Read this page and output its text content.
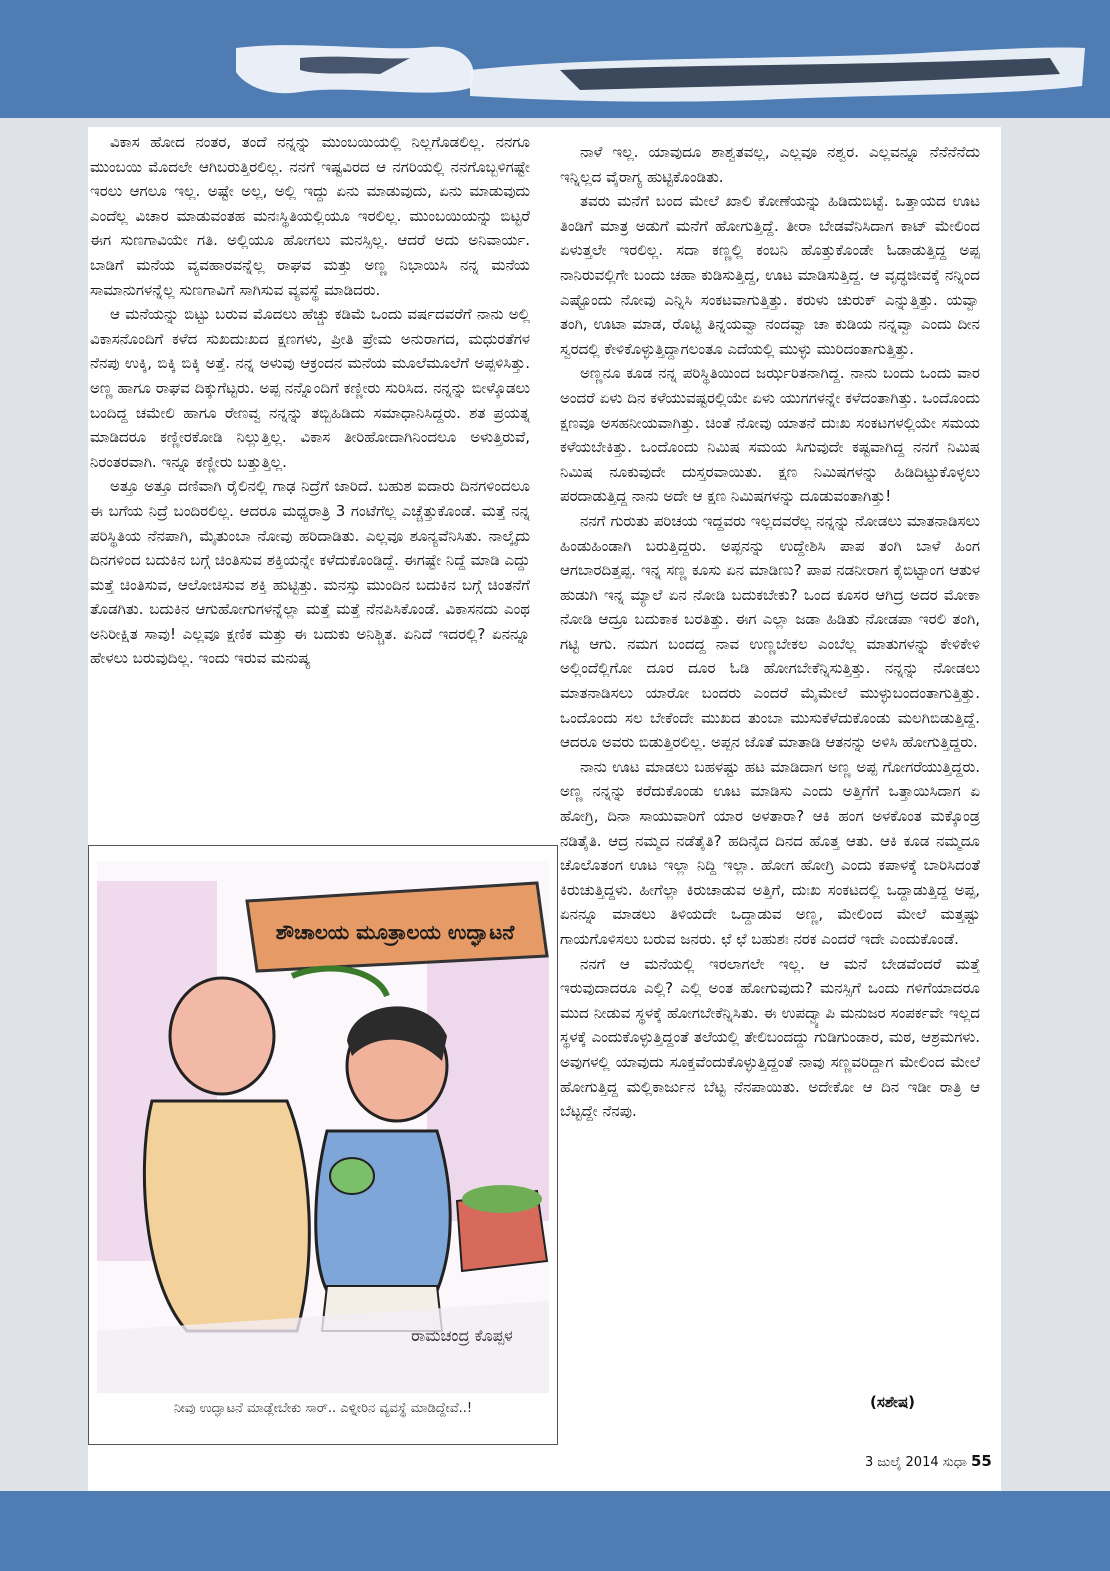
ವಿಕಾಸ ಹೋದ ನಂತರ, ತಂದೆ ನನ್ನನ್ನು ಮುಂಬಯಿಯಲ್ಲಿ ನಿಲ್ಲಗೊಡಲಿಲ್ಲ. ನನಗೂ ಮುಂಬಯಿ ಮೊದಲೇ ಆಗಿಬರುತ್ತಿರಲಿಲ್ಲ. ನನಗೆ ಇಷ್ಟವಿರದ ಆ ನಗರಿಯಲ್ಲಿ ನನಗೊಬ್ಬಳಿಗಷ್ಟೇ ಇರಲು ಆಗಲೂ ಇಲ್ಲ. ಅಷ್ಟೇ ಅಲ್ಲ, ಅಲ್ಲಿ ಇದ್ದು ಏನು ಮಾಡುವುದು, ಏನು ಮಾಡುವುದು ಎಂದೆಲ್ಲ ವಿಚಾರ ಮಾಡುವಂತಹ ಮನಃಸ್ಥಿತಿಯಲ್ಲಿಯೂ ಇರಲಿಲ್ಲ. ಮುಂಬಯಿಯನ್ನು ಬಿಟ್ಟರೆ ಈಗ ಸುಣಗಾವಿಯೇ ಗತಿ. ಅಲ್ಲಿಯೂ ಹೋಗಲು ಮನಸ್ಸಿಲ್ಲ. ಆದರೆ ಅದು ಅನಿವಾರ್ಯ. ಬಾಡಿಗೆ ಮನೆಯ ವ್ಯವಹಾರವನ್ನೆಲ್ಲ ರಾಘವ ಮತ್ತು ಅಣ್ಣ ನಿಭಾಯಿಸಿ ನನ್ನ ಮನೆಯ ಸಾಮಾನುಗಳನ್ನೆಲ್ಲ ಸುಣಗಾವಿಗೆ ಸಾಗಿಸುವ ವ್ಯವಸ್ಥೆ ಮಾಡಿದರು.

ಆ ಮನೆಯನ್ನು ಬಿಟ್ಟು ಬರುವ ಮೊದಲು ಹೆಚ್ಚು ಕಡಿಮೆ ಒಂದು ವರ್ಷದವರೆಗೆ ನಾನು ಅಲ್ಲಿ ವಿಕಾಸನೊಂದಿಗೆ ಕಳೆದ ಸುಖದುಃಖದ ಕ್ಷಣಗಳು, ಪ್ರೀತಿ ಪ್ರೇಮ ಅನುರಾಗದ, ಮಧುರತೆಗಳ ನೆನಪು ಉಕ್ಕಿ, ಬಿಕ್ಕಿ ಬಿಕ್ಕಿ ಅತ್ತೆ. ನನ್ನ ಅಳುವು ಆಕ್ರಂದನ ಮನೆಯ ಮೂಲೆಮೂಲೆಗೆ ಅಪ್ಪಳಿಸಿತ್ತು. ಅಣ್ಣ ಹಾಗೂ ರಾಘವ ದಿಕ್ಕುಗೆಟ್ಟರು. ಅಪ್ಪ ನನ್ನೊಂದಿಗೆ ಕಣ್ಣೀರು ಸುರಿಸಿದ. ನನ್ನನ್ನು ಬೀಳ್ಕೊಡಲು ಬಂದಿದ್ದ ಚಮೇಲಿ ಹಾಗೂ ರೇಣವ್ವ ನನ್ನನ್ನು ತಬ್ಬಿಹಿಡಿದು ಸಮಾಧಾನಿಸಿದ್ದರು. ಶತ ಪ್ರಯತ್ನ ಮಾಡಿದರೂ ಕಣ್ಣೀರಕೋಡಿ ನಿಲ್ಲುತ್ತಿಲ್ಲ. ವಿಕಾಸ ತೀರಿಹೋದಾಗಿನಿಂದಲೂ ಅಳುತ್ತಿರುವೆ, ನಿರಂತರವಾಗಿ. ಇನ್ನೂ ಕಣ್ಣೀರು ಬತ್ತುತ್ತಿಲ್ಲ.

ಅತ್ತೂ ಅತ್ತೂ ದಣಿವಾಗಿ ರೈಲಿನಲ್ಲಿ ಗಾಢ ನಿದ್ರೆಗೆ ಜಾರಿದೆ. ಬಹುಶ ಐದಾರು ದಿನಗಳಿಂದಲೂ ಈ ಬಗೆಯ ನಿದ್ರೆ ಬಂದಿರಲಿಲ್ಲ. ಆದರೂ ಮಧ್ಯರಾತ್ರಿ 3 ಗಂಟೆಗೆಲ್ಲ ಎಚ್ಚೆತ್ತುಕೊಂಡೆ. ಮತ್ತೆ ನನ್ನ ಪರಿಸ್ಥಿತಿಯ ನೆನಪಾಗಿ, ಮೈತುಂಬಾ ನೋವು ಹರಿದಾಡಿತು. ಎಲ್ಲವೂ ಶೂನ್ಯವೆನಿಸಿತು. ನಾಲ್ಕೈದು ದಿನಗಳಿಂದ ಬದುಕಿನ ಬಗ್ಗೆ ಚಿಂತಿಸುವ ಶಕ್ತಿಯನ್ನೇ ಕಳೆದುಕೊಂಡಿದ್ದೆ. ಈಗಷ್ಟೇ ನಿದ್ದೆ ಮಾಡಿ ಎದ್ದು ಮತ್ತೆ ಚಿಂತಿಸುವ, ಆಲೋಚಿಸುವ ಶಕ್ತಿ ಹುಟ್ಟಿತ್ತು. ಮನಸ್ಸು ಮುಂದಿನ ಬದುಕಿನ ಬಗ್ಗೆ ಚಿಂತನೆಗೆ ತೊಡಗಿತು. ಬದುಕಿನ ಆಗುಹೋಗುಗಳನ್ನೆಲ್ಲಾ ಮತ್ತೆ ಮತ್ತೆ ನೆನಪಿಸಿಕೊಂಡೆ. ವಿಕಾಸನದು ಎಂಥ ಅನಿರೀಕ್ಷಿತ ಸಾವು! ಎಲ್ಲವೂ ಕ್ಷಣಿಕ ಮತ್ತು ಈ ಬದುಕು ಅನಿಶ್ಚಿತ. ಏನಿದೆ ಇದರಲ್ಲಿ? ಏನನ್ನೂ ಹೇಳಲು ಬರುವುದಿಲ್ಲ. ಇಂದು ಇರುವ ಮನುಷ್ಯ

ನಾಳೆ ಇಲ್ಲ. ಯಾವುದೂ ಶಾಶ್ವತವಲ್ಲ, ಎಲ್ಲವೂ ನಶ್ವರ. ಎಲ್ಲವನ್ನೂ ನೆನೆನೆನೆದು ಇನ್ನಿಲ್ಲದ ವೈರಾಗ್ಯ ಹುಟ್ಟಿಕೊಂಡಿತು.

ತವರು ಮನೆಗೆ ಬಂದ ಮೇಲೆ ಖಾಲಿ ಕೋಣೆಯನ್ನು ಹಿಡಿದುಬಿಟ್ಟೆ. ಒತ್ತಾಯದ ಊಟ ತಿಂಡಿಗೆ ಮಾತ್ರ ಅಡುಗೆ ಮನೆಗೆ ಹೋಗುತ್ತಿದ್ದೆ. ತೀರಾ ಬೇಡವೆನಿಸಿದಾಗ ಕಾಟ್ ಮೇಲಿಂದ ಏಳುತ್ತಲೇ ಇರಲಿಲ್ಲ. ಸದಾ ಕಣ್ಣಲ್ಲಿ ಕಂಬನಿ ಹೊತ್ತುಕೊಂಡೇ ಓಡಾಡುತ್ತಿದ್ದ ಅಪ್ಪ ನಾನಿರುವಲ್ಲಿಗೇ ಬಂದು ಚಹಾ ಕುಡಿಸುತ್ತಿದ್ದ, ಊಟ ಮಾಡಿಸುತ್ತಿದ್ದ. ಆ ವೃದ್ಧಜೀವಕ್ಕೆ ನನ್ನಿಂದ ಎಷ್ಟೊಂದು ನೋವು ಎನ್ನಿಸಿ ಸಂಕಟವಾಗುತ್ತಿತ್ತು. ಕರುಳು ಚುರುಕ್ ಎನ್ನುತ್ತಿತ್ತು. ಯವ್ವಾ ತಂಗಿ, ಊಟಾ ಮಾಡ, ರೊಟ್ಟಿ ತಿನ್ನಯವ್ವಾ ನಂದವ್ವಾ ಚಾ ಕುಡಿಯ ನನ್ನವ್ವಾ ಎಂದು ದೀನ ಸ್ವರದಲ್ಲಿ ಕೇಳಿಕೊಳ್ಳುತ್ತಿದ್ದಾಗಲಂತೂ ಎದೆಯಲ್ಲಿ ಮುಳ್ಳು ಮುರಿದಂತಾಗುತ್ತಿತ್ತು.

ಅಣ್ಣನೂ ಕೂಡ ನನ್ನ ಪರಿಸ್ಥಿತಿಯಿಂದ ಜರ್ಝರಿತನಾಗಿದ್ದ. ನಾನು ಬಂದು ಒಂದು ವಾರ ಅಂದರೆ ಏಳು ದಿನ ಕಳೆಯುವಷ್ಟರಲ್ಲಿಯೇ ಏಳು ಯುಗಗಳನ್ನೇ ಕಳೆದಂತಾಗಿತ್ತು. ಒಂದೊಂದು ಕ್ಷಣವೂ ಅಸಹನೀಯವಾಗಿತ್ತು. ಚಿಂತೆ ನೋವು ಯಾತನೆ ದುಃಖ ಸಂಕಟಗಳಲ್ಲಿಯೇ ಸಮಯ ಕಳೆಯಬೇಕಿತ್ತು. ಒಂದೊಂದು ನಿಮಿಷ ಸಮಯ ಸಿಗುವುದೇ ಕಷ್ಟವಾಗಿದ್ದ ನನಗೆ ನಿಮಿಷ ನಿಮಿಷ ನೂಕುವುದೇ ದುಸ್ತರವಾಯಿತು. ಕ್ಷಣ ನಿಮಿಷಗಳನ್ನು ಹಿಡಿದಿಟ್ಟುಕೊಳ್ಳಲು ಪರದಾಡುತ್ತಿದ್ದ ನಾನು ಅದೇ ಆ ಕ್ಷಣ ನಿಮಿಷಗಳನ್ನು ದೂಡುವಂತಾಗಿತ್ತು!

ನನಗೆ ಗುರುತು ಪರಿಚಯ ಇದ್ದವರು ಇಲ್ಲದವರೆಲ್ಲ ನನ್ನನ್ನು ನೋಡಲು ಮಾತನಾಡಿಸಲು ಹಿಂಡುಹಿಂಡಾಗಿ ಬರುತ್ತಿದ್ದರು. ಅಪ್ಪನನ್ನು ಉದ್ದೇಶಿಸಿ ಪಾಪ ತಂಗಿ ಬಾಳೆ ಹಿಂಗ ಆಗಬಾರದಿತ್ತಪ್ಪ. ಇನ್ನ ಸಣ್ಣ ಕೂಸು ಏನ ಮಾಡಿಣು? ಪಾಪ ನಡನೀರಾಗ ಕೈಬಿಟ್ಟಾಂಗ ಆತುಳ ಹುಡುಗಿ ಇನ್ನ ಮ್ಯಾಲೆ ಏನ ನೋಡಿ ಬದುಕಬೇಕು? ಒಂದ ಕೂಸರ ಆಗಿದ್ರ ಅದರ ಮೋಕಾ ನೋಡಿ ಆದ್ರೂ ಬದುಕಾಕ ಬರತಿತ್ತು. ಈಗ ಎಲ್ಲಾ ಜಡಾ ಹಿಡಿತು ನೋಡಪಾ ಇರಲಿ ತಂಗಿ, ಗಟ್ಟಿ ಆಗು. ನಮಗ ಬಂದದ್ದ ನಾವ ಉಣ್ಣಬೇಕಲ ಎಂಬೆಲ್ಲ ಮಾತುಗಳನ್ನು ಕೇಳಿಕೇಳಿ ಅಲ್ಲಿಂದೆಲ್ಲಿಗೋ ದೂರ ದೂರ ಓಡಿ ಹೋಗಬೇಕೆನ್ನಿಸುತ್ತಿತ್ತು. ನನ್ನನ್ನು ನೋಡಲು ಮಾತನಾಡಿಸಲು ಯಾರೋ ಬಂದರು ಎಂದರೆ ಮೈಮೇಲೆ ಮುಳ್ಳುಬಂದಂತಾಗುತ್ತಿತ್ತು. ಒಂದೊಂದು ಸಲ ಬೇಕೆಂದೇ ಮುಖದ ತುಂಬಾ ಮುಸುಕೆಳೆದುಕೊಂಡು ಮಲಗಿಬಿಡುತ್ತಿದ್ದೆ. ಆದರೂ ಅವರು ಬಿಡುತ್ತಿರಲಿಲ್ಲ. ಅಪ್ಪನ ಜೊತೆ ಮಾತಾಡಿ ಆತನನ್ನು ಅಳಿಸಿ ಹೋಗುತ್ತಿದ್ದರು.

ನಾನು ಊಟ ಮಾಡಲು ಬಹಳಷ್ಟು ಹಟ ಮಾಡಿದಾಗ ಅಣ್ಣ ಅಪ್ಪ ಗೋಗರೆಯುತ್ತಿದ್ದರು. ಅಣ್ಣ ನನ್ನನ್ನು ಕರೆದುಕೊಂಡು ಊಟ ಮಾಡಿಸು ಎಂದು ಅತ್ತಿಗೆಗೆ ಒತ್ತಾಯಿಸಿದಾಗ ಏ ಹೋಗ್ರಿ, ದಿನಾ ಸಾಯುವಾರಿಗೆ ಯಾರ ಅಳತಾರಾ? ಆಕಿ ಹಂಗ ಅಳಕೊಂತ ಮಕ್ಕೊಂಡ್ರ ನಡಿತೈತಿ. ಆದ್ರ ನಮ್ಮದ ನಡೆತೈತಿ? ಹದಿನೈದ ದಿನದ ಹೊತ್ತ ಆತು. ಆಕಿ ಕೂಡ ನಮ್ಮದೂ ಚೊಲೊತಂಗ ಊಟ ಇಲ್ಲಾ ನಿದ್ದಿ ಇಲ್ಲಾ. ಹೋಗ ಹೋಗ್ರಿ ಎಂದು ಕಪಾಳಕ್ಕೆ ಬಾರಿಸಿದಂತೆ ಕಿರುಚುತ್ತಿದ್ದಳು. ಹೀಗೆಲ್ಲಾ ಕಿರುಚಾಡುವ ಅತ್ತಿಗೆ, ದುಃಖ ಸಂಕಟದಲ್ಲಿ ಒದ್ದಾಡುತ್ತಿದ್ದ ಅಪ್ಪ, ಏನನ್ನೂ ಮಾಡಲು ತಿಳಿಯದೇ ಒದ್ದಾಡುವ ಅಣ್ಣ, ಮೇಲಿಂದ ಮೇಲೆ ಮತ್ತಷ್ಟು ಗಾಯಗೊಳಿಸಲು ಬರುವ ಜನರು. ಛೆ ಛೆ ಬಹುಶಃ ನರಕ ಎಂದರೆ ಇದೇ ಎಂದುಕೊಂಡೆ.

ನನಗೆ ಆ ಮನೆಯಲ್ಲಿ ಇರಲಾಗಲೇ ಇಲ್ಲ. ಆ ಮನೆ ಬೇಡವೆಂದರೆ ಮತ್ತೆ ಇರುವುದಾದರೂ ಎಲ್ಲಿ? ಎಲ್ಲಿ ಅಂತ ಹೋಗುವುದು? ಮನಸ್ಸಿಗೆ ಒಂದು ಗಳಿಗೆಯಾದರೂ ಮುದ ನೀಡುವ ಸ್ಥಳಕ್ಕೆ ಹೋಗಬೇಕೆನ್ನಿಸಿತು. ಈ ಉಪದ್ವ್ಯಾಪಿ ಮನುಜರ ಸಂಪರ್ಕವೇ ಇಲ್ಲದ ಸ್ಥಳಕ್ಕೆ ಎಂದುಕೊಳ್ಳುತ್ತಿದ್ದಂತೆ ತಲೆಯಲ್ಲಿ ತೇಲಿಬಂದದ್ದು ಗುಡಿಗುಂಡಾರ, ಮಠ, ಆಶ್ರಮಗಳು. ಅವುಗಳಲ್ಲಿ ಯಾವುದು ಸೂಕ್ತವೆಂದುಕೊಳ್ಳುತ್ತಿದ್ದಂತೆ ನಾವು ಸಣ್ಣವರಿದ್ದಾಗ ಮೇಲಿಂದ ಮೇಲೆ ಹೋಗುತ್ತಿದ್ದ ಮಲ್ಲಿಕಾರ್ಜುನ ಬೆಟ್ಟ ನೆನಪಾಯಿತು. ಅದೇಕೋ ಆ ದಿನ ಇಡೀ ರಾತ್ರಿ ಆ ಬೆಟ್ಟದ್ದೇ ನೆನಪು.

ಶೌಚಾಲಯ ಮೂತ್ರಾಲಯ ಉದ್ಘಾಟನೆ
ರಾಮಚಂದ್ರ ಕೊಪ್ಪಳ
ನೀವು ಉದ್ಘಾಟನೆ ಮಾಡ್ಲೇಬೇಕು ಸಾರ್.. ಎಳ್ನೀರಿನ ವ್ಯವಸ್ಥೆ ಮಾಡಿದ್ದೇವೆ..!	(ಸಶೇಷ)
3 ಜುಲೈ 2014 ಸುಧಾ 55
